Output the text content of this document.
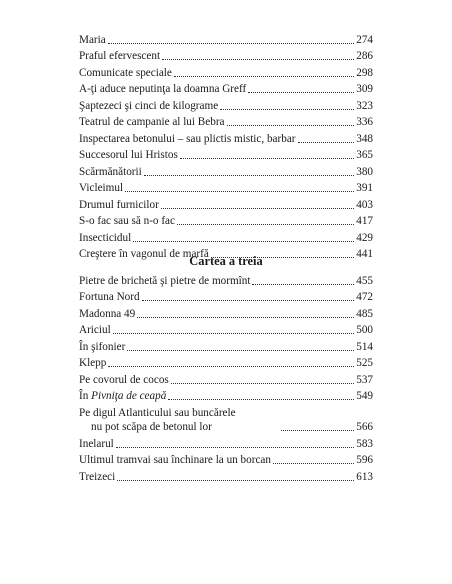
Maria	274
Praful efervescent	286
Comunicate speciale	298
A-ţi aduce neputinţa la doamna Greff	309
Şaptezeci şi cinci de kilograme	323
Teatrul de campanie al lui Bebra	336
Inspectarea betonului – sau plictis mistic, barbar	348
Succesorul lui Hristos	365
Scărmănătorii	380
Vicleimul	391
Drumul furnicilor	403
S-o fac sau să n-o fac	417
Insecticidul	429
Creştere în vagonul de marfă	441
Cartea a treia
Pietre de brichetă şi pietre de mormînt	455
Fortuna Nord	472
Madonna 49	485
Ariciul	500
În şifonier	514
Klepp	525
Pe covorul de cocos	537
În Pivniţa de ceapă	549
Pe digul Atlanticului sau buncărele
nu pot scăpa de betonul lor	566
Inelarul	583
Ultimul tramvai sau închinare la un borcan	596
Treizeci	613
